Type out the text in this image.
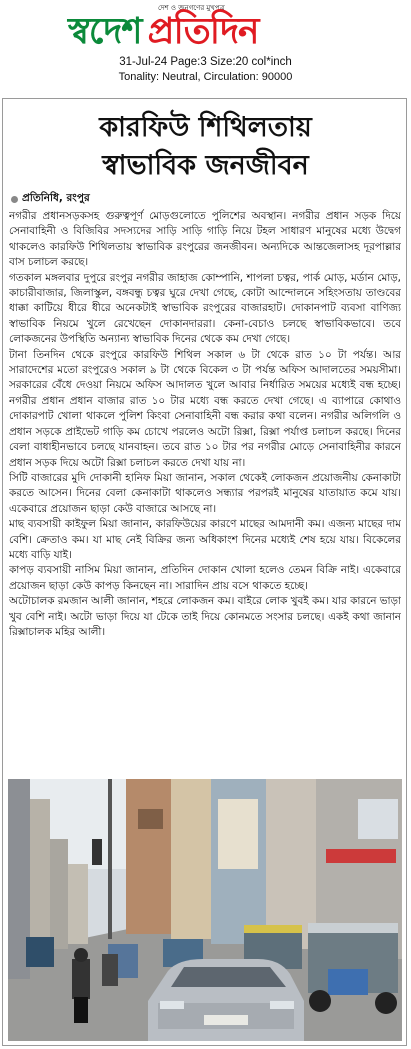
দেশ ও জনগণের মুখপত্র
স্বদেশ প্রতিদিন
31-Jul-24 Page:3 Size:20 col*inch
Tonality: Neutral, Circulation: 90000
কারফিউ শিথিলতায়
স্বাভাবিক জনজীবন
প্রতিনিধি, রংপুর

নগরীর প্রধানসড়কসহ গুরুত্বপূর্ণ মোড়গুলোতে পুলিশের অবস্থান। নগরীর প্রধান সড়ক দিয়ে সেনাবাহিনী ও বিজিবির সদস্যদের সাড়ি সাড়ি গাড়ি নিয়ে টহল সাধারণ মানুষের মধ্যে উদ্বেগ থাকলেও কারফিউ শিথিলতায় স্বাভাবিক রংপুরের জনজীবন। অন্যদিকে আন্তজেলাসহ দূরপাল্লার বাস চলাচল করছে।

গতকাল মঙ্গলবার দুপুরে রংপুর নগরীর জাহাজ কোম্পানি, শাপলা চত্বর, পার্ক মোড়, মর্ডান মোড়, কাচারীবাজার, জিলাস্কুল, বঙ্গবন্ধু চত্বর ঘুরে দেখা গেছে, কোটা আন্দোলনে সহিংসতায় তাণ্ডবের ধাক্কা কাটিয়ে ধীরে ধীরে অনেকটাই স্বাভাবিক রংপুরের বাজারহাট। দোকানপাট ব্যবসা বাণিজ্য স্বাভাবিক নিয়মে খুলে রেখেছেন দোকানদাররা। কেনা-বেচাও চলছে স্বাভাবিকভাবে। তবে লোকজনের উপস্থিতি অন্যান্য স্বাভাবিক দিনের থেকে কম দেখা গেছে।

টানা তিনদিন থেকে রংপুরে কারফিউ শিথিল সকাল ৬ টা থেকে রাত ১০ টা পর্যন্ত। আর সারাদেশের মতো রংপুরেও সকাল ৯ টা থেকে বিকেল ৩ টা পর্যন্ত অফিস আদালতের সময়সীমা। সরকারের বেঁধে দেওয়া নিয়মে অফিস আদালত খুলে আবার নির্ধারিত সময়ের মধ্যেই বন্ধ হচ্ছে। নগরীর প্রধান প্রধান বাজার রাত ১০ টার মধ্যে বন্ধ করতে দেখা গেছে। এ ব্যাপারে কোথাও দোকারপাট খোলা থাকলে পুলিশ কিংবা সেনাবাহিনী বন্ধ করার কথা বলেন। নগরীর অলিগলি ও প্রধান সড়কে প্রাইভেট গাড়ি কম চোখে পরলেও অটো রিক্সা, রিক্সা পর্যাপ্ত চলাচল করছে। দিনের বেলা বাধাহীনভাবে চলছে যানবাহন। তবে রাত ১০ টার পর নগরীর মোড়ে সেনাবাহিনীর কারনে প্রধান সড়ক দিয়ে অটো রিক্সা চলাচল করতে দেখা যায় না।

সিটি বাজারের মুদি দোকানী হানিফ মিয়া জানান, সকাল থেকেই লোকজন প্রয়োজনীয় কেনাকাটা করতে আসেন। দিনের বেলা কেনাকাটা থাকলেও সন্ধ্যার পরপরই মানুষের যাতায়াত কমে যায়। একেবারে প্রয়োজন ছাড়া কেউ বাজারে আসছে না।

মাছ ব্যবসায়ী কাইফুল মিয়া জানান, কারফিউয়ের কারণে মাছের আমদানী কম। এজন্য মাছের দাম বেশি। ক্রেতাও কম। যা মাছ নেই বিক্রির জন্য অধিকাংশ দিনের মধ্যেই শেষ হয়ে যায়। বিকেলের মধ্যে বাড়ি যাই।

কাপড় ব্যবসায়ী নাসিম মিয়া জানান, প্রতিদিন দোকান খোলা হলেও তেমন বিক্রি নাই। একেবারে প্রয়োজন ছাড়া কেউ কাপড় কিনছেন না। সারাদিন প্রায় বসে থাকতে হচ্ছে।

অটোচালক রমজান আলী জানান, শহরে লোকজন কম। বাইরে লোক খুবই কম। যার কারনে ভাড়া খুব বেশি নাই। অটো ভাড়া দিয়ে যা টেকে তাই দিয়ে কোনমতে সংসার চলছে। একই কথা জানান রিক্সাচালক মহির আলী।
